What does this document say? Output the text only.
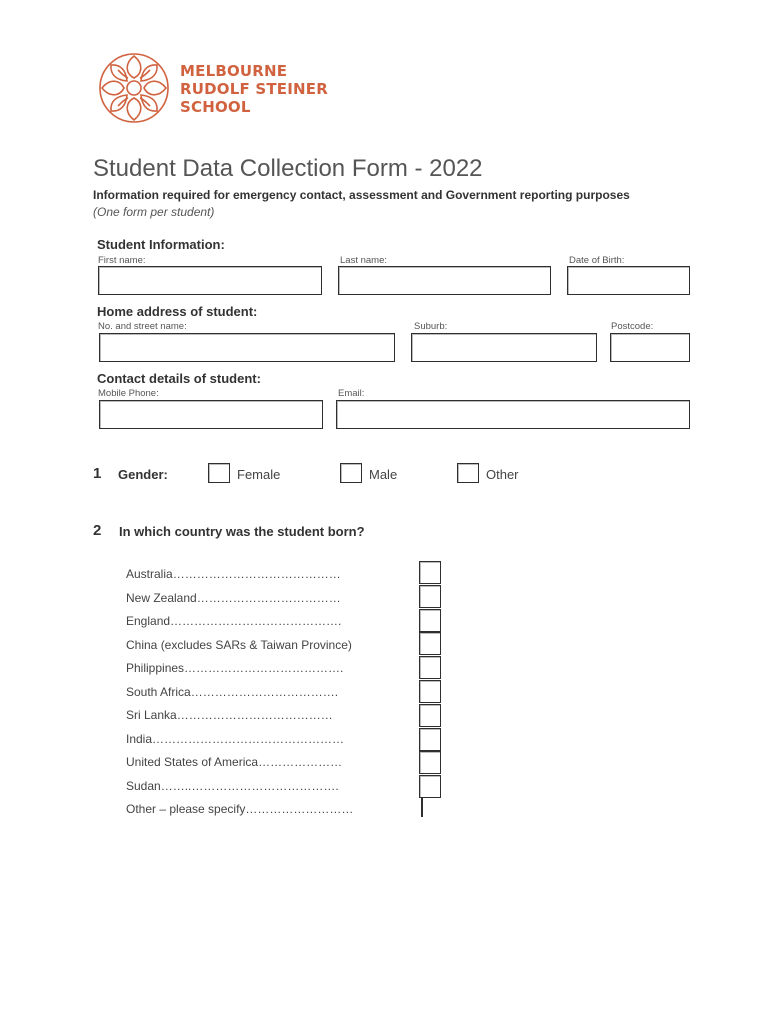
MELBOURNE
RUDOLF STEINER
SCHOOL
Student Data Collection Form - 2022
Information required for emergency contact, assessment and Government reporting purposes
(One form per student)
Student Information:
First name:	Last name:	Date of Birth:
Home address of student:
No. and street name:	Suburb:	Postcode:
Contact details of student:
Mobile Phone:	Email:
1 Gender:	Female	Male	Other
2 In which country was the student born?
Australia……………………………………
New Zealand………………………………
England…………………………………….
China (excludes SARs & Taiwan Province)
Philippines………………………………….
South Africa……………………………….
Sri Lanka…………………………………
India…………………………………………
United States of America…………………
Sudan……..……………………………….
Other – please specify………………………
